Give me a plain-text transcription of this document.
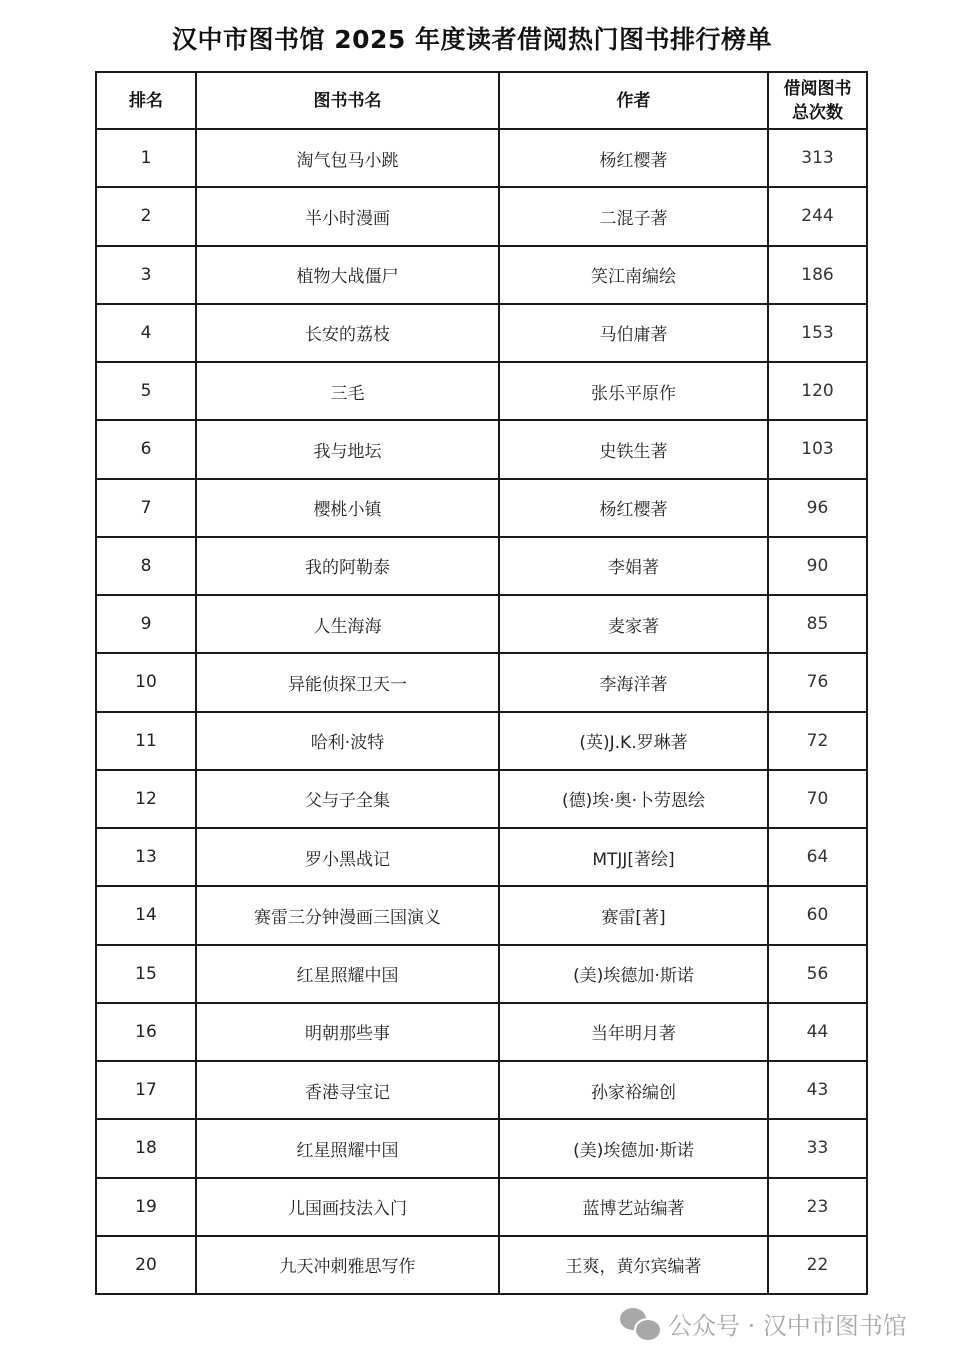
汉中市图书馆 2025 年度读者借阅热门图书排行榜单
排名	图书书名	作者	借阅图书总次数
1	淘气包马小跳	杨红樱著	313
2	半小时漫画	二混子著	244
3	植物大战僵尸	笑江南编绘	186
4	长安的荔枝	马伯庸著	153
5	三毛	张乐平原作	120
6	我与地坛	史铁生著	103
7	樱桃小镇	杨红樱著	96
8	我的阿勒泰	李娟著	90
9	人生海海	麦家著	85
10	异能侦探卫天一	李海洋著	76
11	哈利·波特	(英)J.K.罗琳著	72
12	父与子全集	(德)埃·奥·卜劳恩绘	70
13	罗小黑战记	MTJJ[著绘]	64
14	赛雷三分钟漫画三国演义	赛雷[著]	60
15	红星照耀中国	(美)埃德加·斯诺	56
16	明朝那些事	当年明月著	44
17	香港寻宝记	孙家裕编创	43
18	红星照耀中国	(美)埃德加·斯诺	33
19	儿国画技法入门	蓝博艺站编著	23
20	九天冲刺雅思写作	王爽，黄尔宾编著	22
公众号 · 汉中市图书馆
